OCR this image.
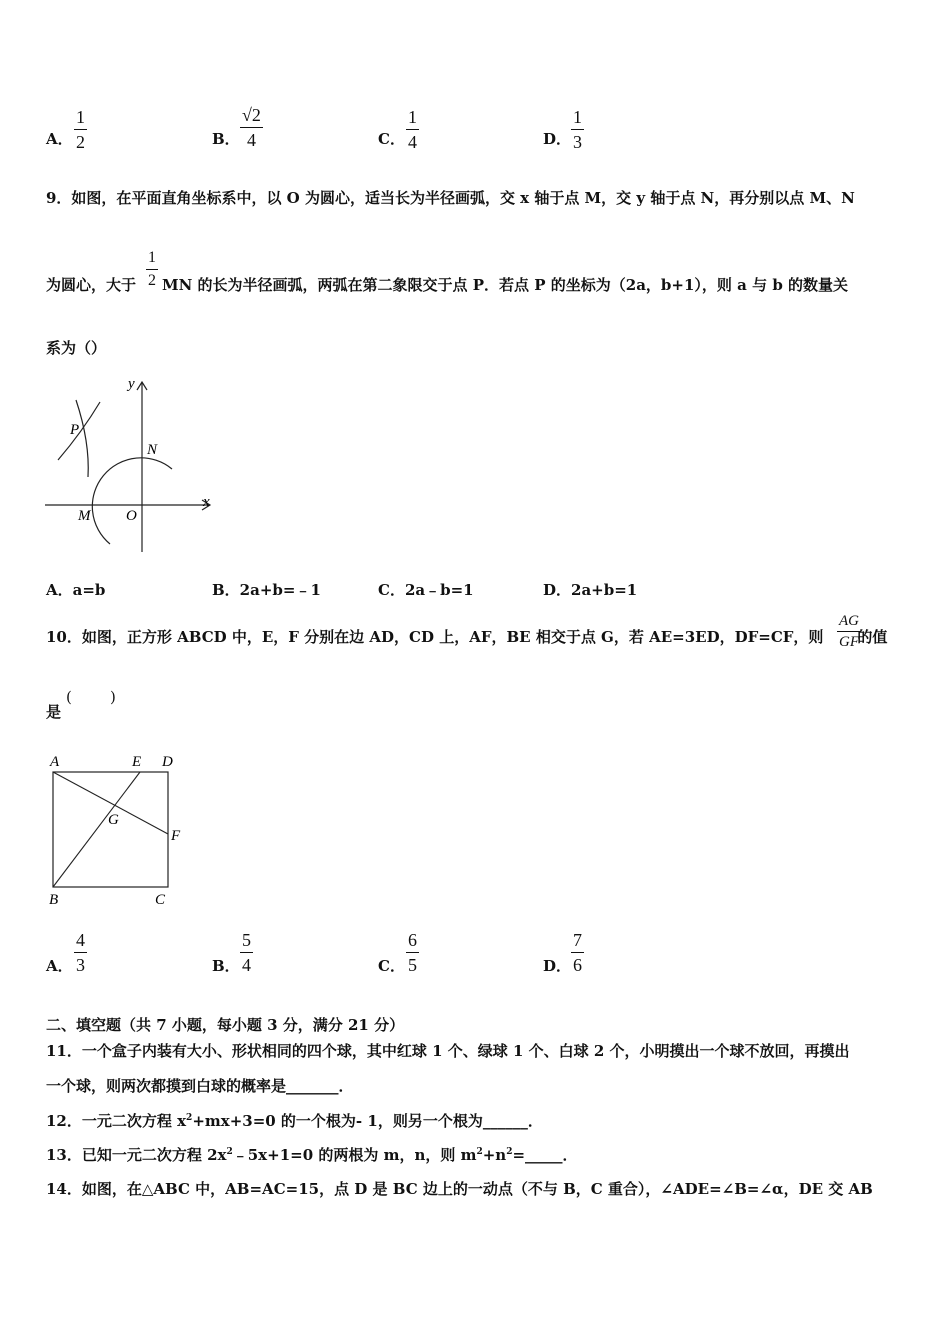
A．
1
2	B．
√2
4	C．
1
4	D．
1
3
9．如图，在平面直角坐标系中，以 O 为圆心，适当长为半径画弧，交 x 轴于点 M，交 y 轴于点 N，再分别以点 M、N
为圆心，大于 MN 的长为半径画弧，两弧在第二象限交于点 P．若点 P 的坐标为（2a，b+1），则 a 与 b 的数量关
1
2
系为（）
y
x
P
N
M O
A．a=b	B．2a+b=﹣1	C．2a﹣b=1	D．2a+b=1
10．如图，正方形 ABCD 中，E，F 分别在边 AD，CD 上，AF，BE 相交于点 G，若 AE=3ED，DF=CF，则 的值
AG
GF
是
(        )
A	E D
G
F
B	C
A．
4
3	B．
5
4	C．
6
5	D．
7
6
二、填空题（共 7 小题，每小题 3 分，满分 21 分）
11．一个盒子内装有大小、形状相同的四个球，其中红球 1 个、绿球 1 个、白球 2 个，小明摸出一个球不放回，再摸出
一个球，则两次都摸到白球的概率是_______．
12．一元二次方程 $x^2+mx+3=0$ 的一个根为- 1，则另一个根为______．
13．已知一元二次方程 $2x^2﹣5x+1=0$ 的两根为 m，n，则 $m^2+n^2=\_\_\_\_\_$．
14．如图，在△ABC 中，AB=AC=15，点 D 是 BC 边上的一动点（不与 B，C 重合），∠ADE=∠B=∠α，DE 交 AB
